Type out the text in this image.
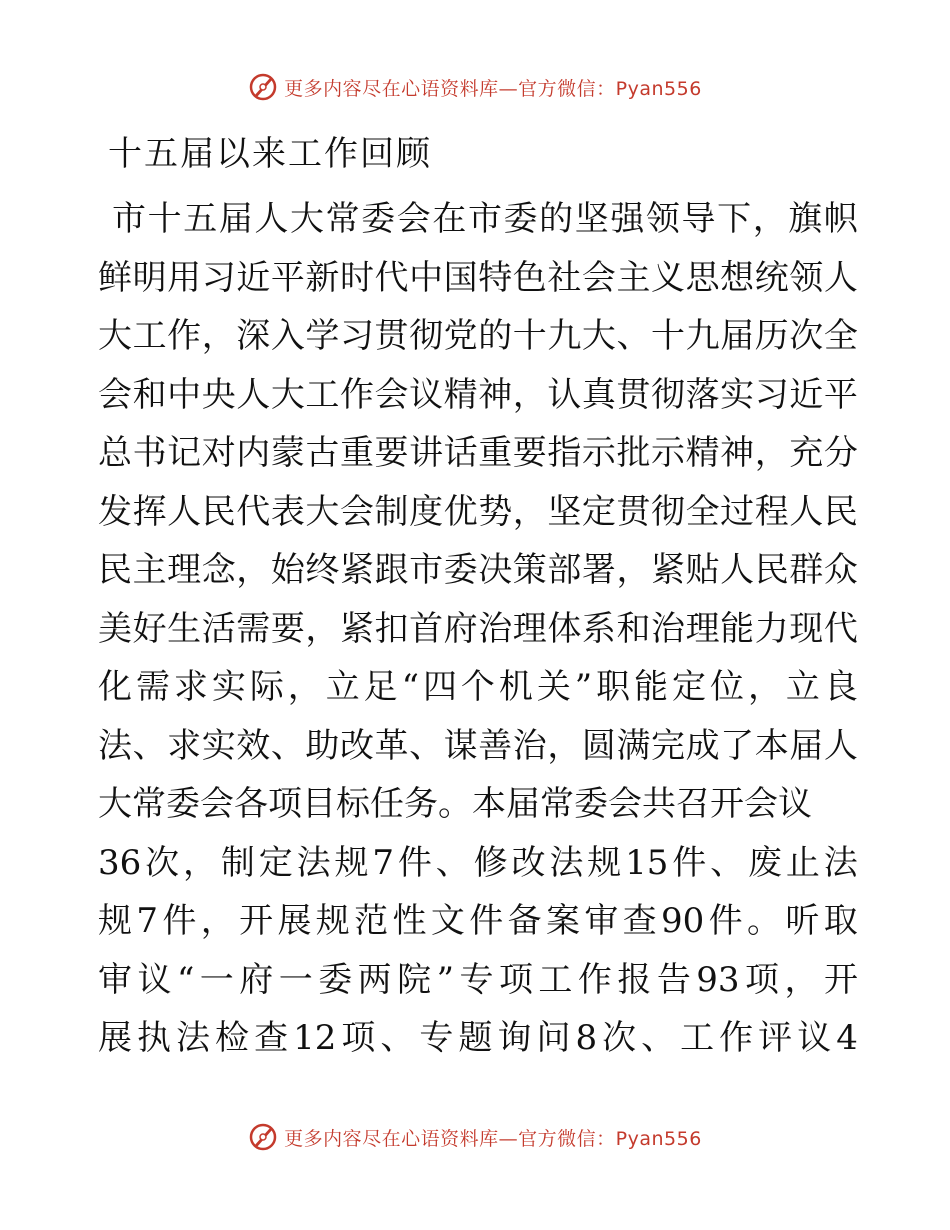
更多内容尽在心语资料库—官方微信：Pyan556
十五届以来工作回顾
市 十 五 届 人 大 常 委 会 在 市 委 的 坚 强 领 导 下 ， 旗 帜
鲜 明 用 习 近 平 新 时 代 中 国 特 色 社 会 主 义 思 想 统 领 人
大 工 作 ， 深 入 学 习 贯 彻 党 的 十 九 大 、 十 九 届 历 次 全
会 和 中 央 人 大 工 作 会 议 精 神 ， 认 真 贯 彻 落 实 习 近 平
总 书 记 对 内 蒙 古 重 要 讲 话 重 要 指 示 批 示 精 神 ， 充 分
发 挥 人 民 代 表 大 会 制 度 优 势 ， 坚 定 贯 彻 全 过 程 人 民
民 主 理 念 ， 始 终 紧 跟 市 委 决 策 部 署 ， 紧 贴 人 民 群 众
美 好 生 活 需 要 ， 紧 扣 首 府 治 理 体 系 和 治 理 能 力 现 代
化 需 求 实 际 ， 立 足 “ 四 个 机 关 ” 职 能 定 位 ， 立 良
法 、 求 实 效 、 助 改 革 、 谋 善 治 ， 圆 满 完 成 了 本 届 人
大常委会各项目标任务。本届常委会共召开会议
36 次 ， 制 定 法 规 7 件 、 修 改 法 规 15 件 、 废 止 法
规 7 件 ， 开 展 规 范 性 文 件 备 案 审 查 90 件 。 听 取
审 议 “ 一 府 一 委 两 院 ” 专 项 工 作 报 告 93 项 ， 开
展 执 法 检 查 12 项 、 专 题 询 问 8 次 、 工 作 评 议 4
更多内容尽在心语资料库—官方微信：Pyan556
